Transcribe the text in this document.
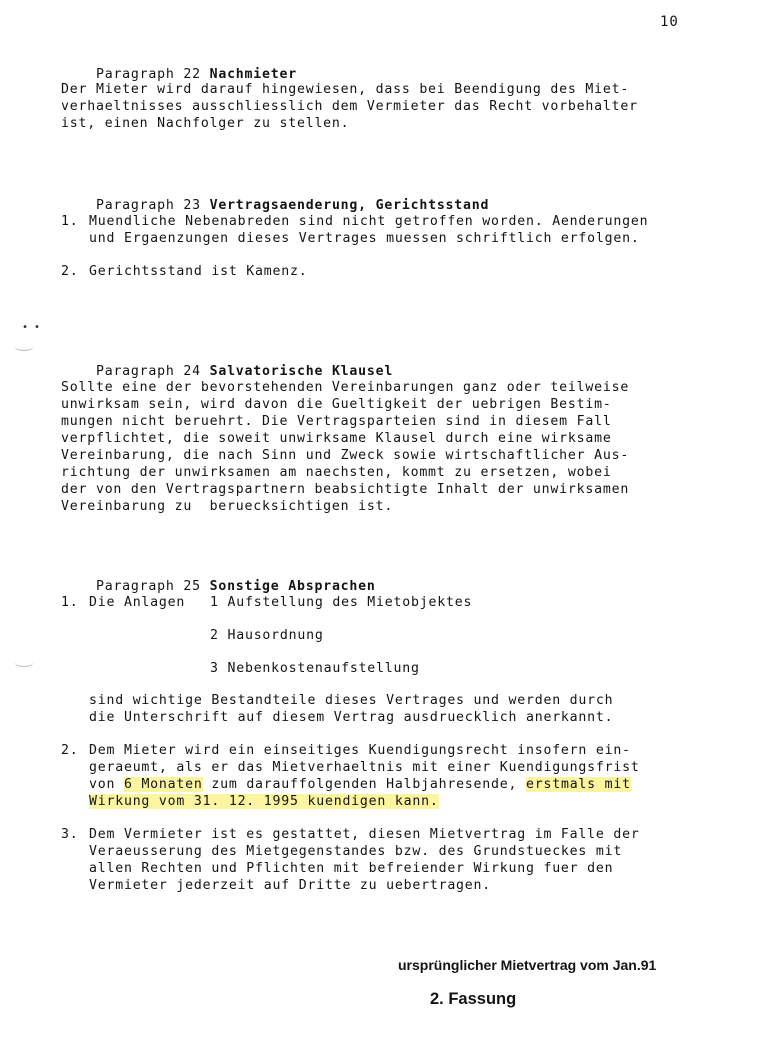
10
• •

Paragraph 22 Nachmieter

Der Mieter wird darauf hingewiesen, dass bei Beendigung des Miet-
verhaeltnisses ausschliesslich dem Vermieter das Recht vorbehalter
ist, einen Nachfolger zu stellen.

Paragraph 23 Vertragsaenderung, Gerichtsstand

1. Muendliche Nebenabreden sind nicht getroffen worden. Aenderungen
und Ergaenzungen dieses Vertrages muessen schriftlich erfolgen.
2. Gerichtsstand ist Kamenz.

Paragraph 24 Salvatorische Klausel

Sollte eine der bevorstehenden Vereinbarungen ganz oder teilweise
unwirksam sein, wird davon die Gueltigkeit der uebrigen Bestim-
mungen nicht beruehrt. Die Vertragsparteien sind in diesem Fall
verpflichtet, die soweit unwirksame Klausel durch eine wirksame
Vereinbarung, die nach Sinn und Zweck sowie wirtschaftlicher Aus-
richtung der unwirksamen am naechsten, kommt zu ersetzen, wobei
der von den Vertragspartnern beabsichtigte Inhalt der unwirksamen
Vereinbarung zu  beruecksichtigen ist.

Paragraph 25 Sonstige Absprachen

1. Die Anlagen 1 Aufstellung des Mietobjektes
2 Hausordnung
3 Nebenkostenaufstellung
sind wichtige Bestandteile dieses Vertrages und werden durch
die Unterschrift auf diesem Vertrag ausdruecklich anerkannt.
2. Dem Mieter wird ein einseitiges Kuendigungsrecht insofern ein-
geraeumt, als er das Mietverhaeltnis mit einer Kuendigungsfrist
von 6 Monaten zum darauffolgenden Halbjahresende, erstmals mit
Wirkung vom 31. 12. 1995 kuendigen kann.
3. Dem Vermieter ist es gestattet, diesen Mietvertrag im Falle der
Veraeusserung des Mietgegenstandes bzw. des Grundstueckes mit
allen Rechten und Pflichten mit befreiender Wirkung fuer den
Vermieter jederzeit auf Dritte zu uebertragen.
ursprünglicher Mietvertrag vom Jan.91
2. Fassung
